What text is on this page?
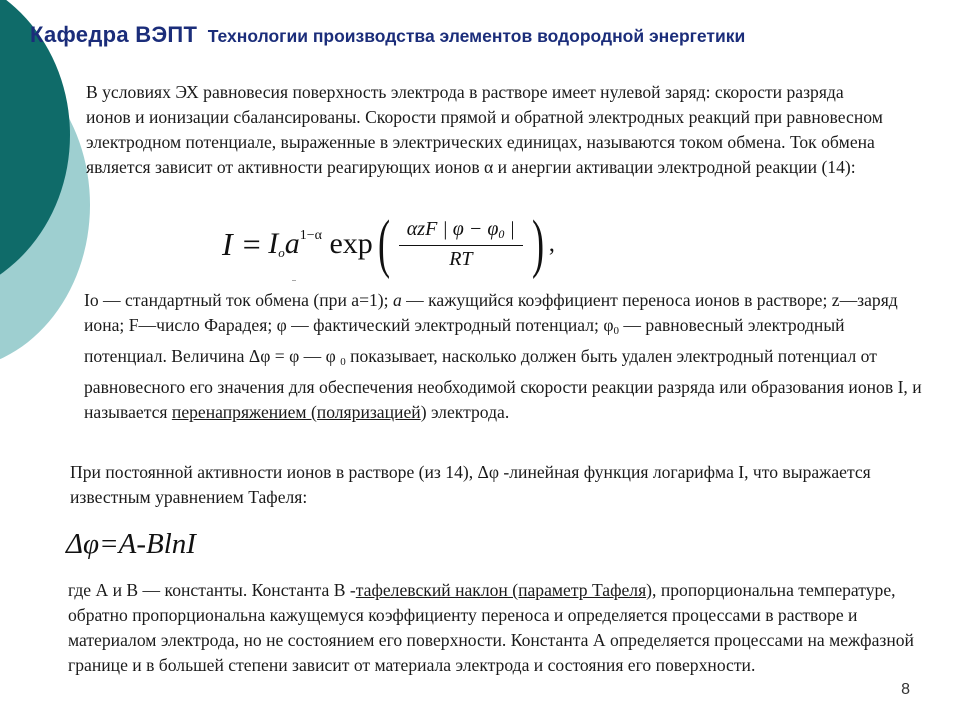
Кафедра ВЭПТ Технологии производства элементов водородной энергетики

В условиях ЭХ равновесия поверхность электрода в растворе имеет нулевой заряд: скорости разряда ионов и ионизации сбалансированы. Скорости прямой и обратной электродных реакций при равновесном электродном потенциале, выраженные в электрических единицах, называются током обмена. Ток обмена является зависит от активности реагирующих ионов α и анергии активации электродной реакции (14):

$I = I_oa^{1-\alpha}$ exp ( $\frac{\alpha zF | \varphi - \varphi_0 |}{RT}$ ) ,
..

Io — стандартный ток обмена (при а=1); a — кажущийся коэффициент переноса ионов в растворе; z—заряд иона; F—число Фарадея; φ — фактический электродный потенциал; $\varphi_0$ — равновесный электродный потенциал. Величина Δφ = φ — φ $_0$ показывает, насколько должен быть удален электродный потенциал от равновесного его значения для обеспечения необходимой скорости реакции разряда или образования ионов I, и называется перенапряжением (поляризацией) электрода.

При постоянной активности ионов в растворе (из 14), Δφ -линейная функция логарифма I, что выражается известным уравнением Тафеля:

Δφ=A-BlnI

где А и В — константы. Константа В -тафелевский наклон (параметр Тафеля), пропорциональна температуре, обратно пропорциональна кажущемуся коэффициенту переноса и определяется процессами в растворе и материалом электрода, но не состоянием его поверхности. Константа А определяется процессами на межфазной границе и в большей степени зависит от материала электрода и состояния его поверхности.

8
